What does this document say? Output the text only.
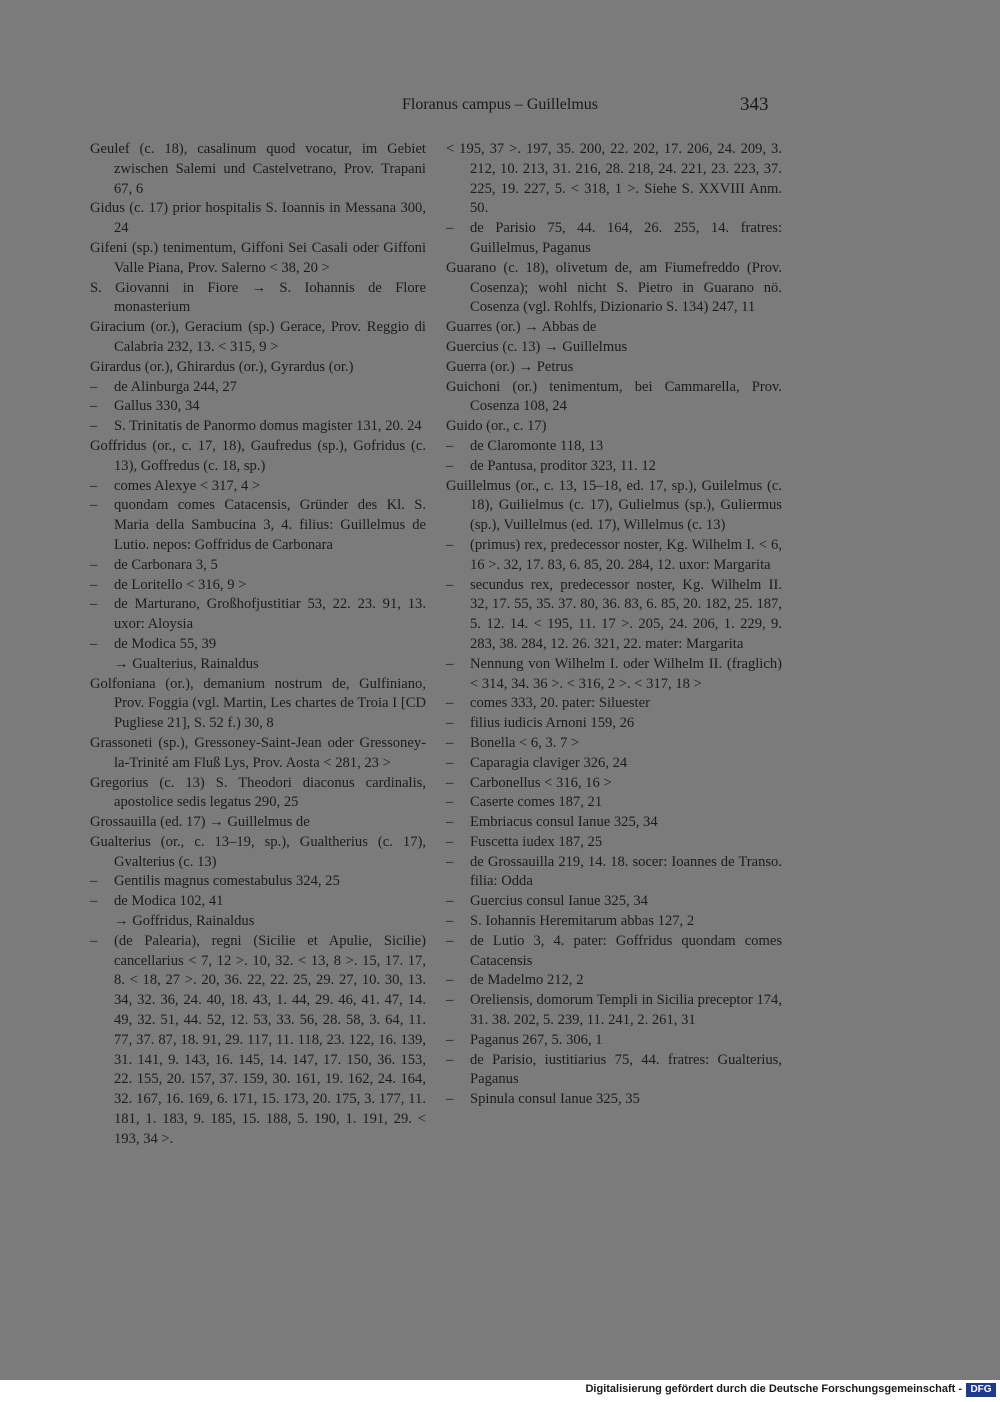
Floranus campus – Guillelmus	343

Geulef (c. 18), casalinum quod vocatur, im Gebiet zwischen Salemi und Castelvetrano, Prov. Trapani 67, 6

Gidus (c. 17) prior hospitalis S. Ioannis in Messana 300, 24

Gifeni (sp.) tenimentum, Giffoni Sei Casali oder Giffoni Valle Piana, Prov. Salerno < 38, 20 >

S. Giovanni in Fiore → S. Iohannis de Flore monasterium

Giracium (or.), Geracium (sp.) Gerace, Prov. Reggio di Calabria 232, 13. < 315, 9 >

Girardus (or.), Ghirardus (or.), Gyrardus (or.)

– de Alinburga 244, 27

– Gallus 330, 34

– S. Trinitatis de Panormo domus magister 131, 20. 24

Goffridus (or., c. 17, 18), Gaufredus (sp.), Gofridus (c. 13), Goffredus (c. 18, sp.)

– comes Alexye < 317, 4 >

– quondam comes Catacensis, Gründer des Kl. S. Maria della Sambucina 3, 4. filius: Guillelmus de Lutio. nepos: Goffridus de Carbonara

– de Carbonara 3, 5

– de Loritello < 316, 9 >

– de Marturano, Großhofjustitiar 53, 22. 23. 91, 13. uxor: Aloysia

– de Modica 55, 39

→ Gualterius, Rainaldus

Golfoniana (or.), demanium nostrum de, Gulfiniano, Prov. Foggia (vgl. Martin, Les chartes de Troia I [CD Pugliese 21], S. 52 f.) 30, 8

Grassoneti (sp.), Gressoney-Saint-Jean oder Gressoney-la-Trinité am Fluß Lys, Prov. Aosta < 281, 23 >

Gregorius (c. 13) S. Theodori diaconus cardinalis, apostolice sedis legatus 290, 25

Grossauilla (ed. 17) → Guillelmus de

Gualterius (or., c. 13–19, sp.), Gualtherius (c. 17), Gvalterius (c. 13)

– Gentilis magnus comestabulus 324, 25

– de Modica 102, 41

→ Goffridus, Rainaldus

– (de Palearia), regni (Sicilie et Apulie, Sicilie) cancellarius < 7, 12 >. 10, 32. < 13, 8 >. 15, 17. 17, 8. < 18, 27 >. 20, 36. 22, 22. 25, 29. 27, 10. 30, 13. 34, 32. 36, 24. 40, 18. 43, 1. 44, 29. 46, 41. 47, 14. 49, 32. 51, 44. 52, 12. 53, 33. 56, 28. 58, 3. 64, 11. 77, 37. 87, 18. 91, 29. 117, 11. 118, 23. 122, 16. 139, 31. 141, 9. 143, 16. 145, 14. 147, 17. 150, 36. 153, 22. 155, 20. 157, 37. 159, 30. 161, 19. 162, 24. 164, 32. 167, 16. 169, 6. 171, 15. 173, 20. 175, 3. 177, 11. 181, 1. 183, 9. 185, 15. 188, 5. 190, 1. 191, 29. < 193, 34 >.

< 195, 37 >. 197, 35. 200, 22. 202, 17. 206, 24. 209, 3. 212, 10. 213, 31. 216, 28. 218, 24. 221, 23. 223, 37. 225, 19. 227, 5. < 318, 1 >. Siehe S. XXVIII Anm. 50.

– de Parisio 75, 44. 164, 26. 255, 14. fratres: Guillelmus, Paganus

Guarano (c. 18), olivetum de, am Fiumefreddo (Prov. Cosenza); wohl nicht S. Pietro in Guarano nö. Cosenza (vgl. Rohlfs, Dizionario S. 134) 247, 11

Guarres (or.) → Abbas de

Guercius (c. 13) → Guillelmus

Guerra (or.) → Petrus

Guichoni (or.) tenimentum, bei Cammarella, Prov. Cosenza 108, 24

Guido (or., c. 17)

– de Claromonte 118, 13

– de Pantusa, proditor 323, 11. 12

Guillelmus (or., c. 13, 15–18, ed. 17, sp.), Guilelmus (c. 18), Guilielmus (c. 17), Gulielmus (sp.), Guliermus (sp.), Vuillelmus (ed. 17), Willelmus (c. 13)

– (primus) rex, predecessor noster, Kg. Wilhelm I. < 6, 16 >. 32, 17. 83, 6. 85, 20. 284, 12. uxor: Margarita

– secundus rex, predecessor noster, Kg. Wilhelm II. 32, 17. 55, 35. 37. 80, 36. 83, 6. 85, 20. 182, 25. 187, 5. 12. 14. < 195, 11. 17 >. 205, 24. 206, 1. 229, 9. 283, 38. 284, 12. 26. 321, 22. mater: Margarita

– Nennung von Wilhelm I. oder Wilhelm II. (fraglich) < 314, 34. 36 >. < 316, 2 >. < 317, 18 >

– comes 333, 20. pater: Siluester

– filius iudicis Arnoni 159, 26

– Bonella < 6, 3. 7 >

– Caparagia claviger 326, 24

– Carbonellus < 316, 16 >

– Caserte comes 187, 21

– Embriacus consul Ianue 325, 34

– Fuscetta iudex 187, 25

– de Grossauilla 219, 14. 18. socer: Ioannes de Transo. filia: Odda

– Guercius consul Ianue 325, 34

– S. Iohannis Heremitarum abbas 127, 2

– de Lutio 3, 4. pater: Goffridus quondam comes Catacensis

– de Madelmo 212, 2

– Oreliensis, domorum Templi in Sicilia preceptor 174, 31. 38. 202, 5. 239, 11. 241, 2. 261, 31

– Paganus 267, 5. 306, 1

– de Parisio, iustitiarius 75, 44. fratres: Gualterius, Paganus

– Spinula consul Ianue 325, 35

Digitalisierung gefördert durch die Deutsche Forschungsgemeinschaft - DFG
